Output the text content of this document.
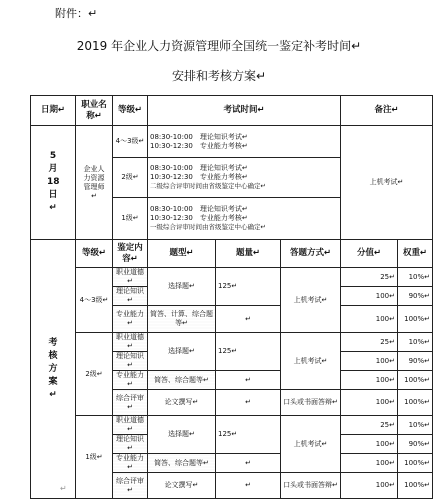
附件：↵
2019 年企业人力资源管理师全国统一鉴定补考时间↵
安排和考核方案↵
日期↵	职业名称↵	等级↵	考试时间↵			备注↵	

5月18日↵	企业人力资源管理师↵	4～3级↵	08:30-10:00　理论知识考试↵
10:30-12:30　专业能力考核↵			上机考试↵	
		2级↵	08:30-10:00　理论知识考试↵
10:30-12:30　专业能力考核↵
二级综合评审时间由省级鉴定中心确定↵				

		1级↵	08:30-10:00　理论知识考试↵
10:30-12:30　专业能力考核↵
一级综合评审时间由省级鉴定中心确定↵				

考核方案↵	等级↵	鉴定内容↵	题型↵	题量↵	答题方式↵	分值↵	权重↵
	4～3级↵	职业道德↵	选择题↵	125↵	上机考试↵	25↵	10%↵
		理论知识↵				100↵	90%↵
		专业能力↵	简答、计算、综合题等↵	↵		100↵	100%↵
	2级↵	职业道德↵	选择题↵	125↵	上机考试↵	25↵	10%↵
		理论知识↵				100↵	90%↵
		专业能力↵	简答、综合题等↵	↵		100↵	100%↵
		综合评审↵	论文撰写↵	↵	口头或书面答辩↵	100↵	100%↵
	1级↵	职业道德↵	选择题↵	125↵	上机考试↵	25↵	10%↵
		理论知识↵				100↵	90%↵
		专业能力↵	简答、综合题等↵	↵		100↵	100%↵
		综合评审↵	论文撰写↵	↵	口头或书面答辩↵	100↵	100%↵
↵
